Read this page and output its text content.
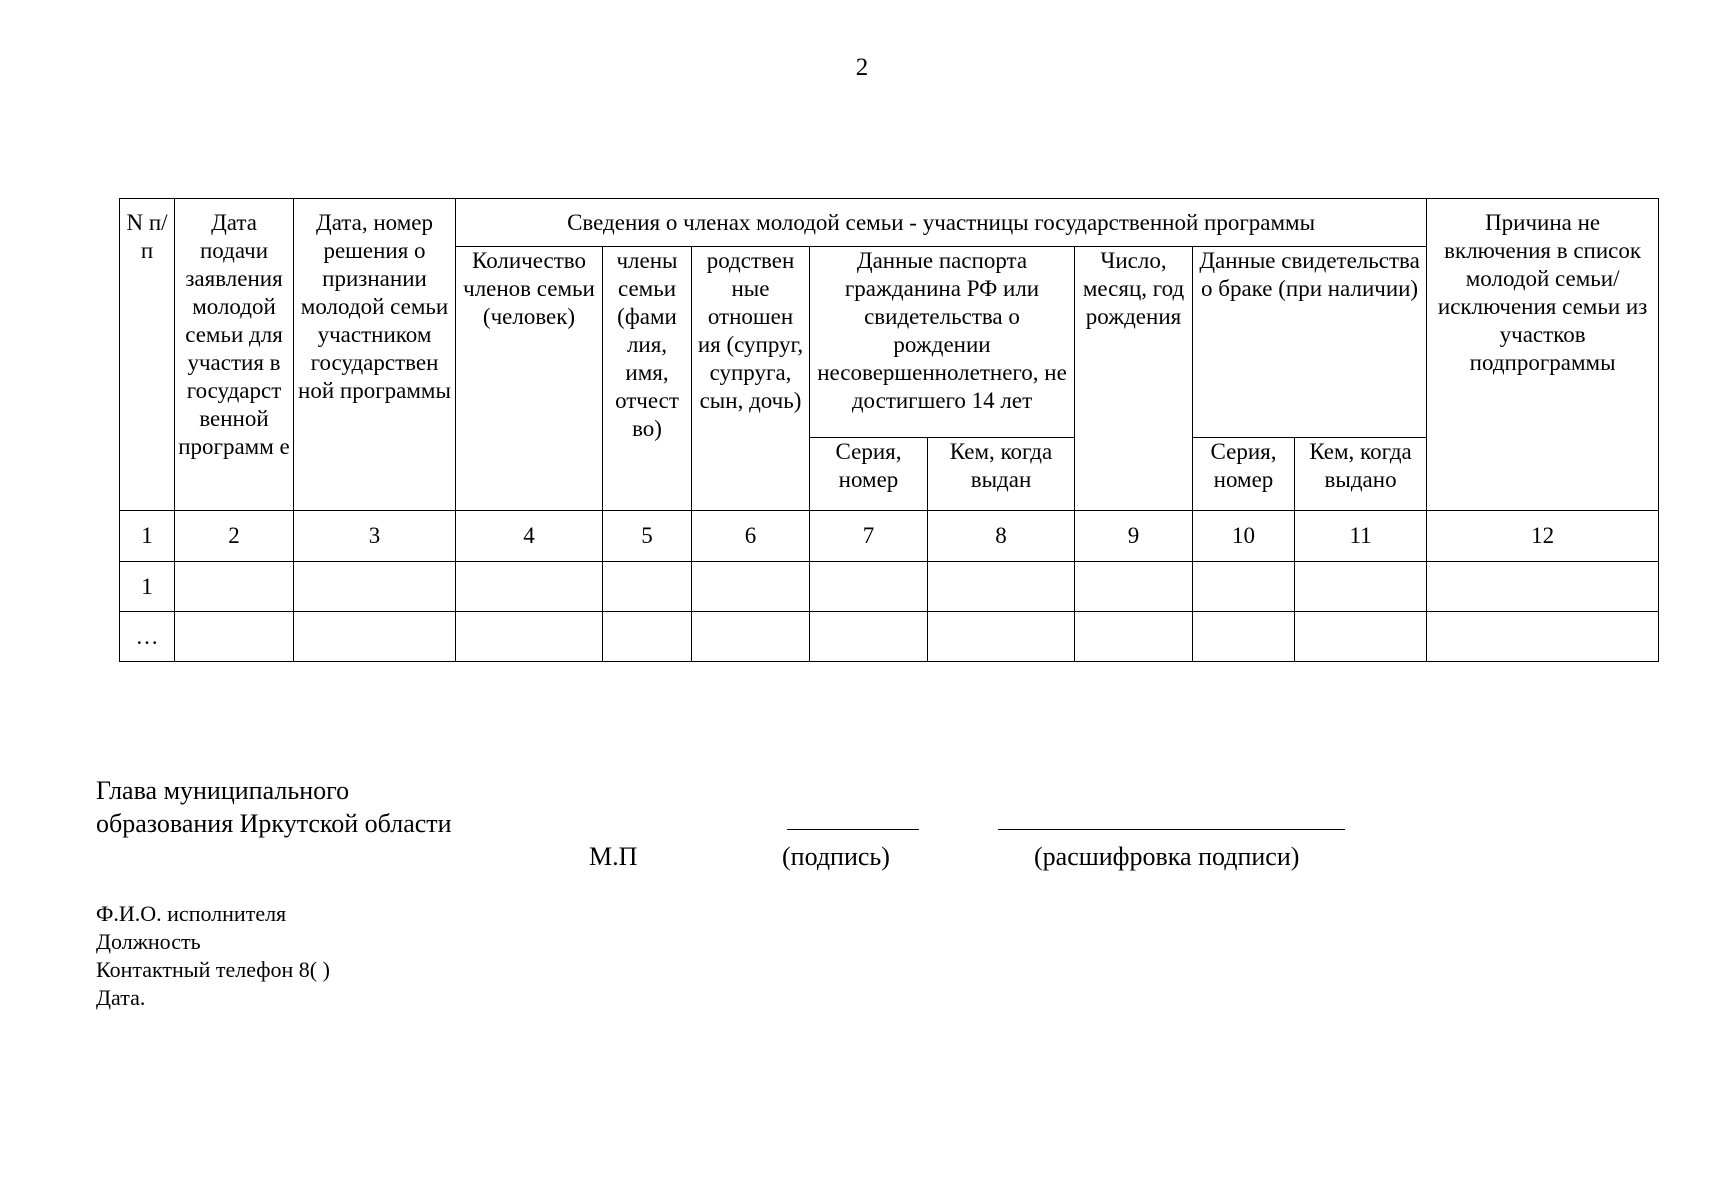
2
N п/п	Дата подачи заявления молодой семьи для участия в государст венной программ е	Дата, номер решения о признании молодой семьи участником государствен ной программы	Сведения о членах молодой семьи - участницы государственной программы								Причина не включения в список молодой семьи/исключения семьи из участков подпрограммы
			Количество членов семьи (человек)	члены семьи (фами лия, имя, отчест во)	родствен ные отношен ия (супруг, супруга, сын, дочь)	Данные паспорта гражданина РФ или свидетельства о рождении несовершеннолетнего, не достигшего 14 лет		Число, месяц, год рождения	Данные свидетельства о браке (при наличии)		
						Серия, номер	Кем, когда выдан		Серия, номер	Кем, когда выдано	
1	2	3	4	5	6	7	8	9	10	11	12
1											
…											
Глава муниципального
образования Иркутской области
М.П	(подпись)	(расшифровка подписи)
Ф.И.О. исполнителя
Должность
Контактный телефон 8( )
Дата.
